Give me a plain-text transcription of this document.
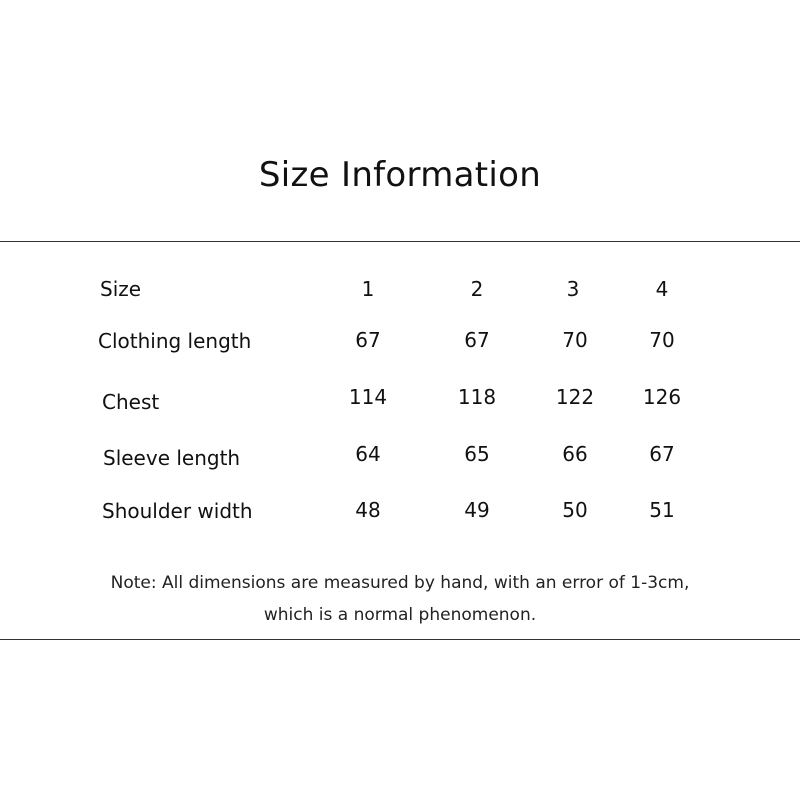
Size Information
Size	1	2	3	4
Clothing length	67	67	70	70
Chest	114	118	122	126
Sleeve length	64	65	66	67
Shoulder width	48	49	50	51
Note: All dimensions are measured by hand, with an error of 1-3cm,
which is a normal phenomenon.
